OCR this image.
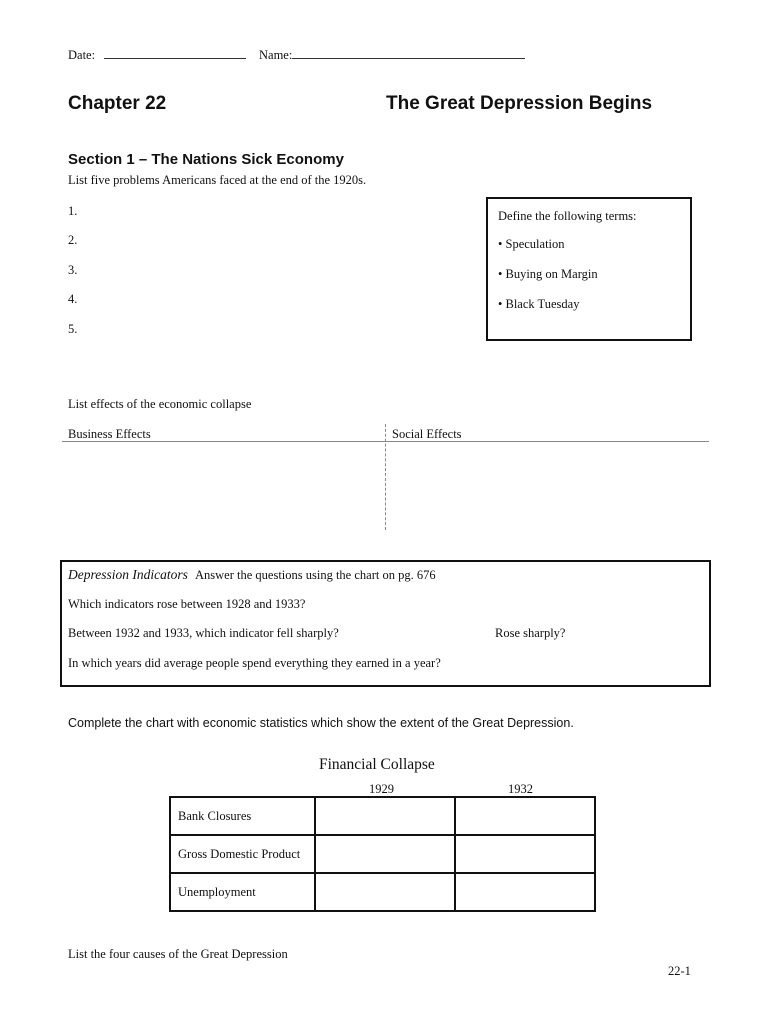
Date:	Name:
Chapter 22	The Great Depression Begins
Section 1 – The Nations Sick Economy
List five problems Americans faced at the end of the 1920s.
1.
2.
3.
4.
5.
Define the following terms:
• Speculation
• Buying on Margin
• Black Tuesday
List effects of the economic collapse
Business Effects	Social Effects
Depression Indicators Answer the questions using the chart on pg. 676
Which indicators rose between 1928 and 1933?
Between 1932 and 1933, which indicator fell sharply?	Rose sharply?
In which years did average people spend everything they earned in a year?
Complete the chart with economic statistics which show the extent of the Great Depression.
Financial Collapse
1929	1932
Bank Closures		
Gross Domestic Product		
Unemployment		
List the four causes of the Great Depression
22-1
